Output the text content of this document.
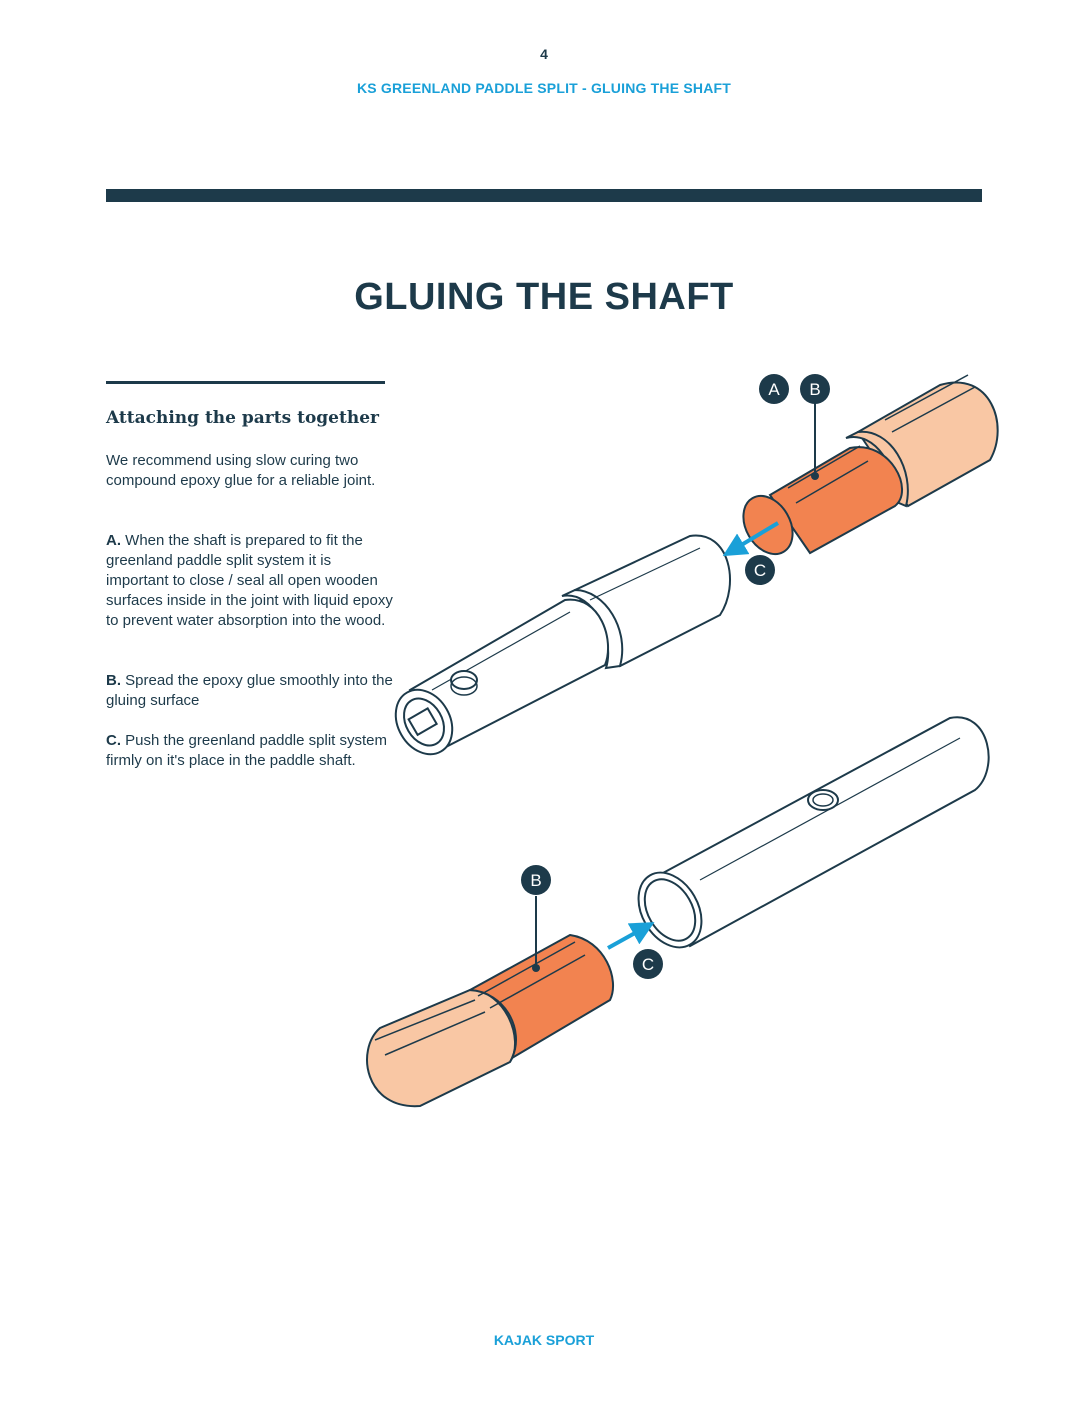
4
KS GREENLAND PADDLE SPLIT - GLUING THE SHAFT
GLUING THE SHAFT
Attaching the parts together

We recommend using slow curing two compound epoxy glue for a reliable joint.

A. When the shaft is prepared to fit the greenland paddle split system it is important to close / seal all open wooden surfaces inside in the joint with liquid epoxy to prevent water absorption into the wood.

B. Spread the epoxy glue smoothly into the gluing surface

C. Push the greenland paddle split system firmly on it's place in the paddle shaft.

A B
C
B
C
KAJAK SPORT
